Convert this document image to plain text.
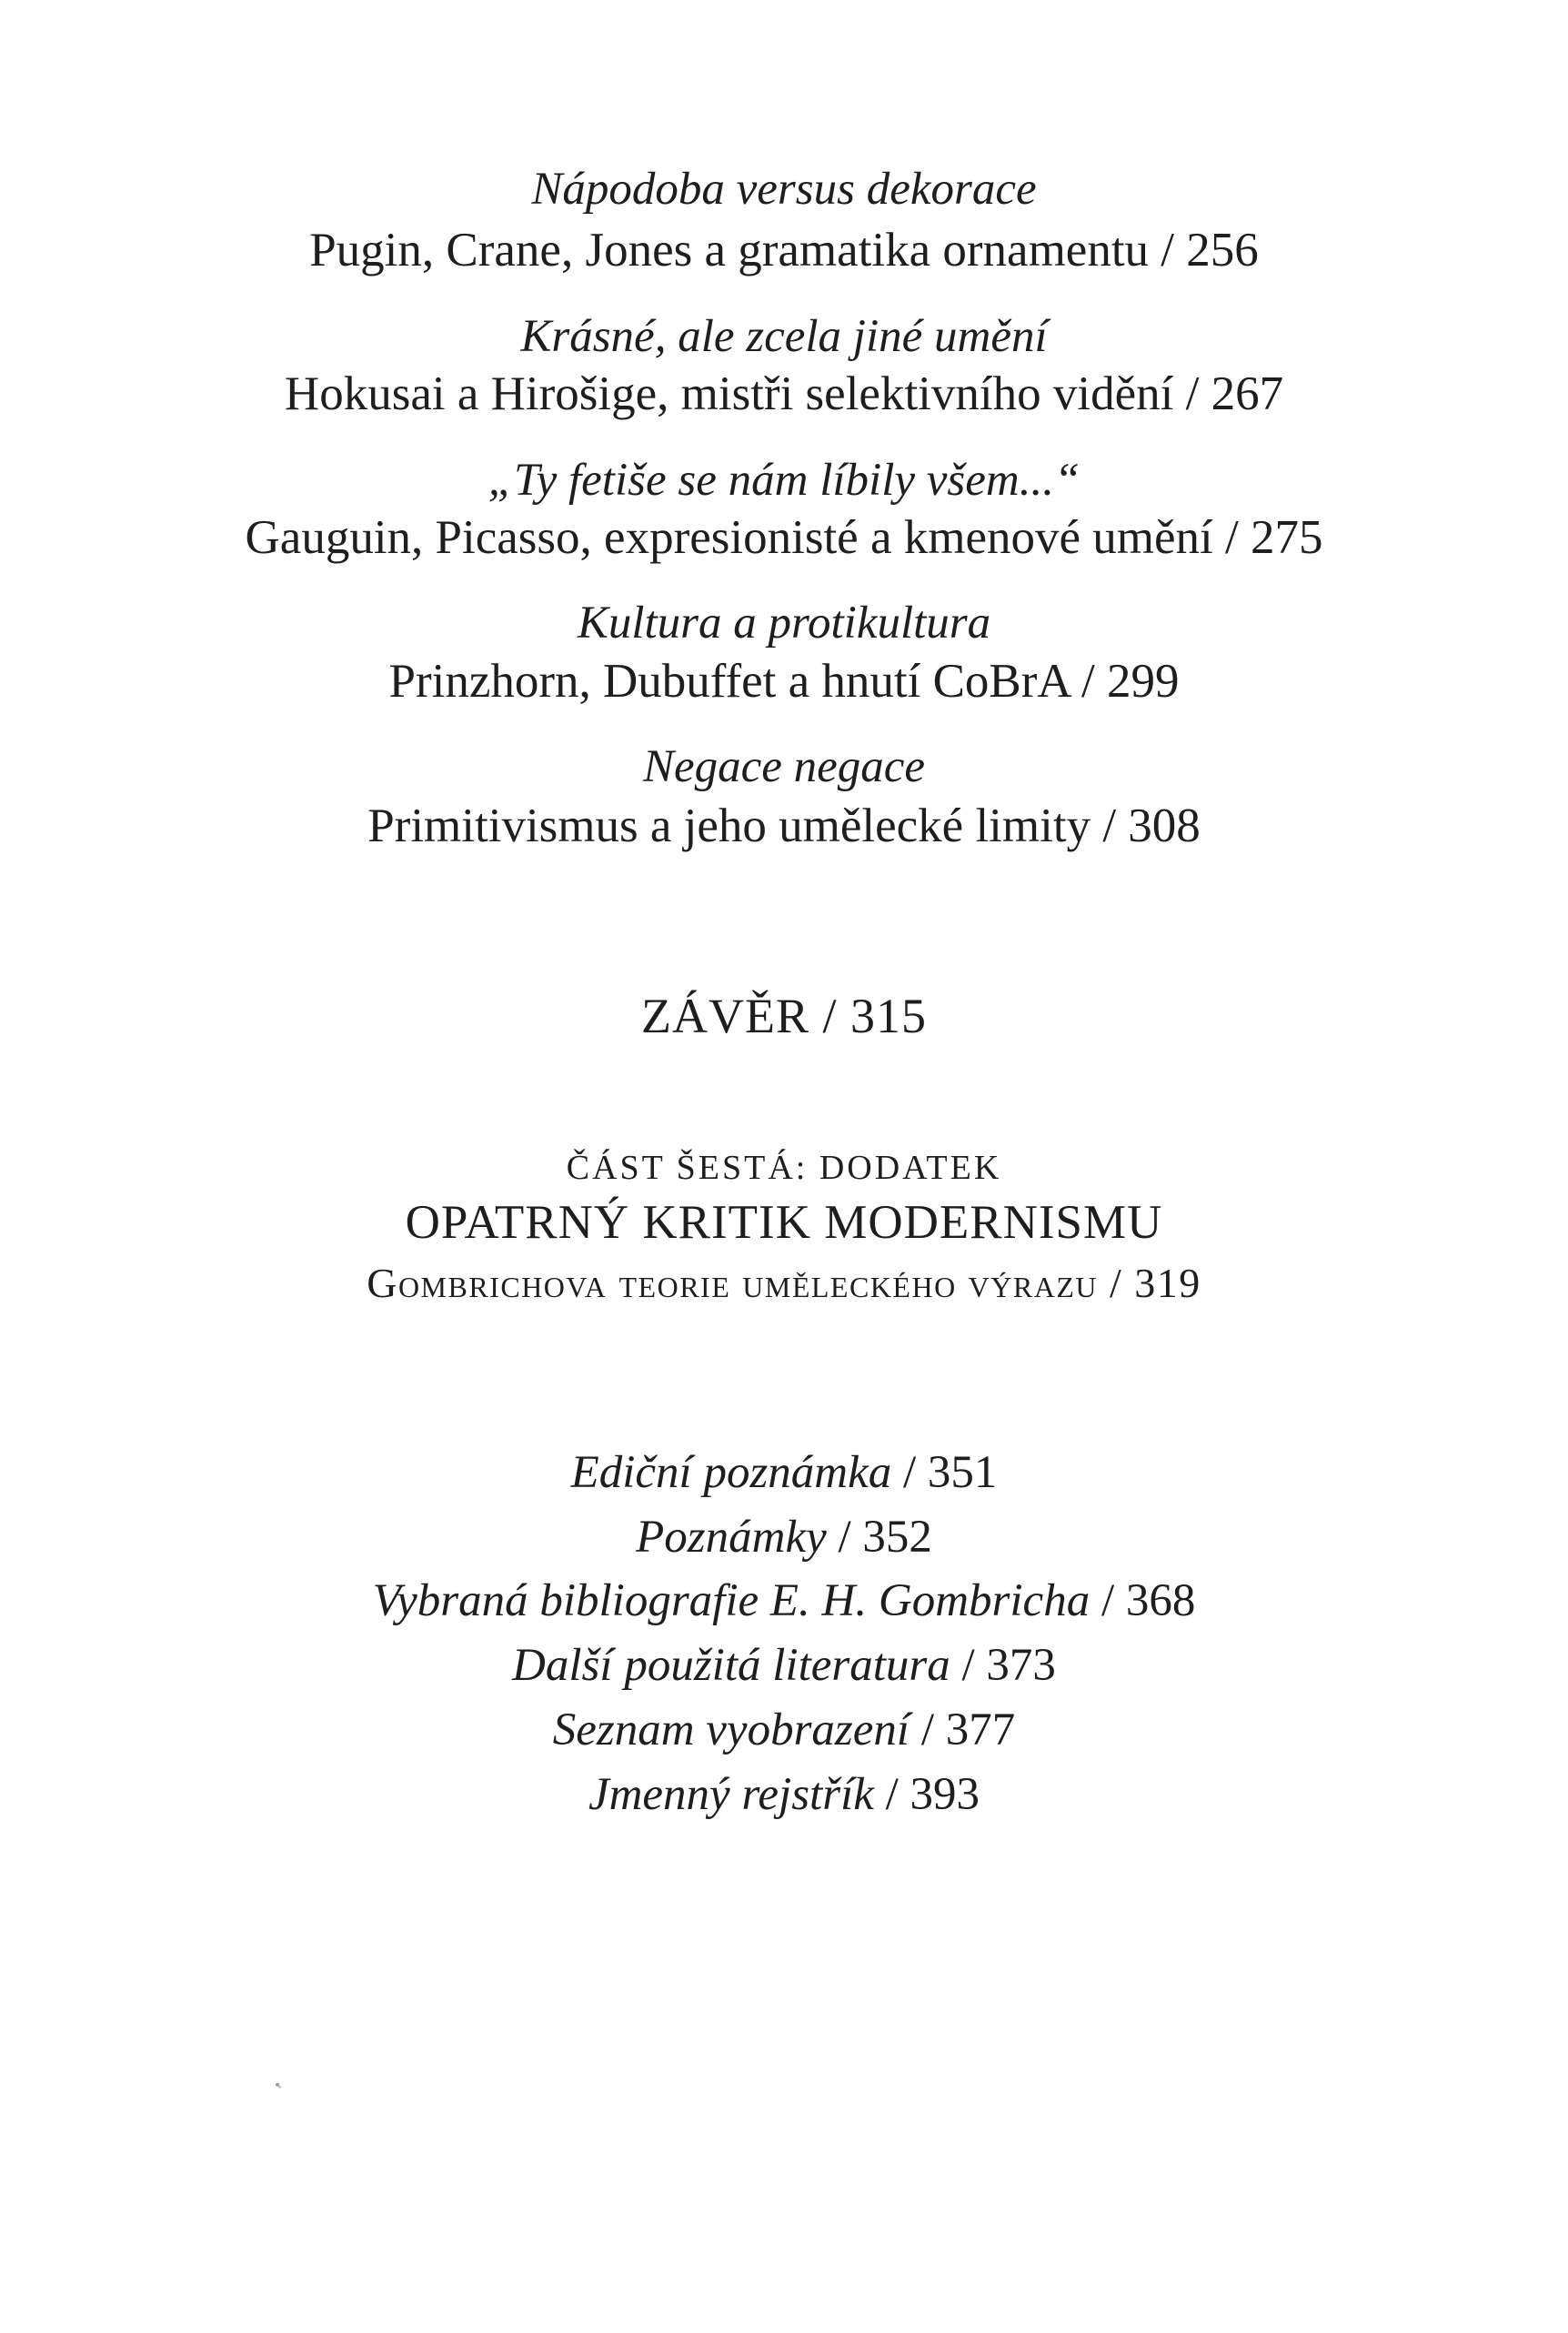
Nápodoba versus dekorace
Pugin, Crane, Jones a gramatika ornamentu / 256
Krásné, ale zcela jiné umění
Hokusai a Hirošige, mistři selektivního vidění / 267
„Ty fetiše se nám líbily všem...“
Gauguin, Picasso, expresionisté a kmenové umění / 275
Kultura a protikultura
Prinzhorn, Dubuffet a hnutí CoBrA / 299
Negace negace
Primitivismus a jeho umělecké limity / 308
ZÁVĚR / 315
ČÁST ŠESTÁ: DODATEK
OPATRNÝ KRITIK MODERNISMU
Gombrichova teorie uměleckého výrazu / 319
Ediční poznámka / 351
Poznámky / 352
Vybraná bibliografie E. H. Gombricha / 368
Další použitá literatura / 373
Seznam vyobrazení / 377
Jmenný rejstřík / 393
